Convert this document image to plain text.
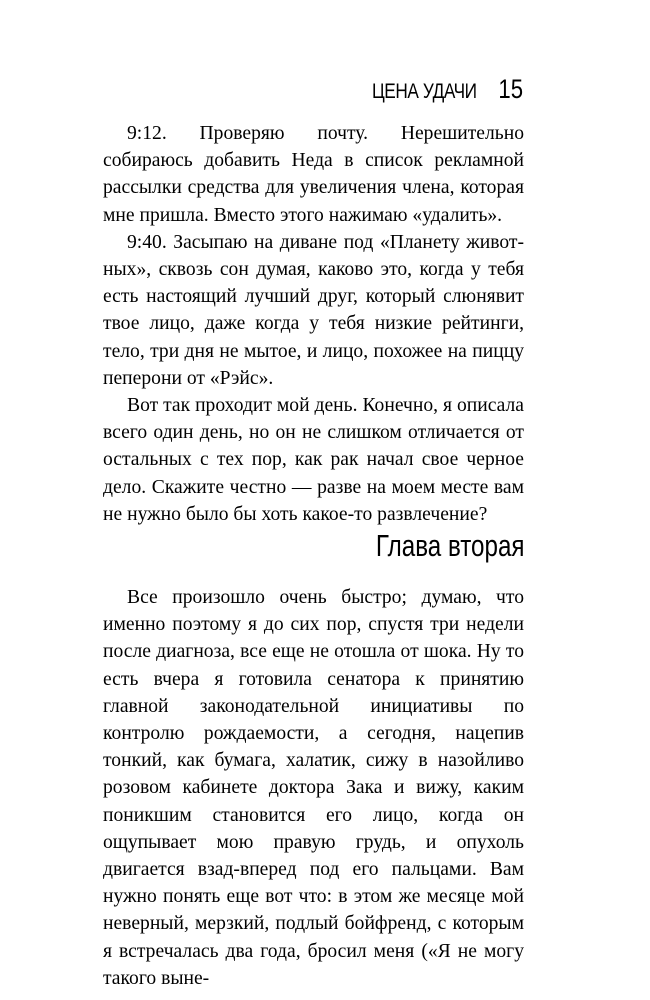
ЦЕНА УДАЧИ 15

9:12. Проверяю почту. Нерешительно собираюсь добавить Неда в список рекламной рассылки средства для увеличения члена, которая мне пришла. Вместо этого нажимаю «удалить».

9:40. Засыпаю на диване под «Планету животных», сквозь сон думая, каково это, когда у тебя есть настоящий лучший друг, который слюнявит твое лицо, даже когда у тебя низкие рейтинги, тело, три дня не мытое, и лицо, похожее на пиццу пеперони от «Рэйс».

Вот так проходит мой день. Конечно, я описала всего один день, но он не слишком отличается от остальных с тех пор, как рак начал свое черное дело. Скажите честно — разве на моем месте вам не нужно было бы хоть какое-то развлечение?

Глава вторая

Все произошло очень быстро; думаю, что именно поэтому я до сих пор, спустя три недели после диагноза, все еще не отошла от шока. Ну то есть вчера я готовила сенатора к принятию главной законодательной инициативы по контролю рождаемости, а сегодня, нацепив тонкий, как бумага, халатик, сижу в назойливо розовом кабинете доктора Зака и вижу, каким поникшим становится его лицо, когда он ощупывает мою правую грудь, и опухоль двигается взад-вперед под его пальцами. Вам нужно понять еще вот что: в этом же месяце мой неверный, мерзкий, подлый бойфренд, с которым я встречалась два года, бросил меня («Я не могу такого выне-
